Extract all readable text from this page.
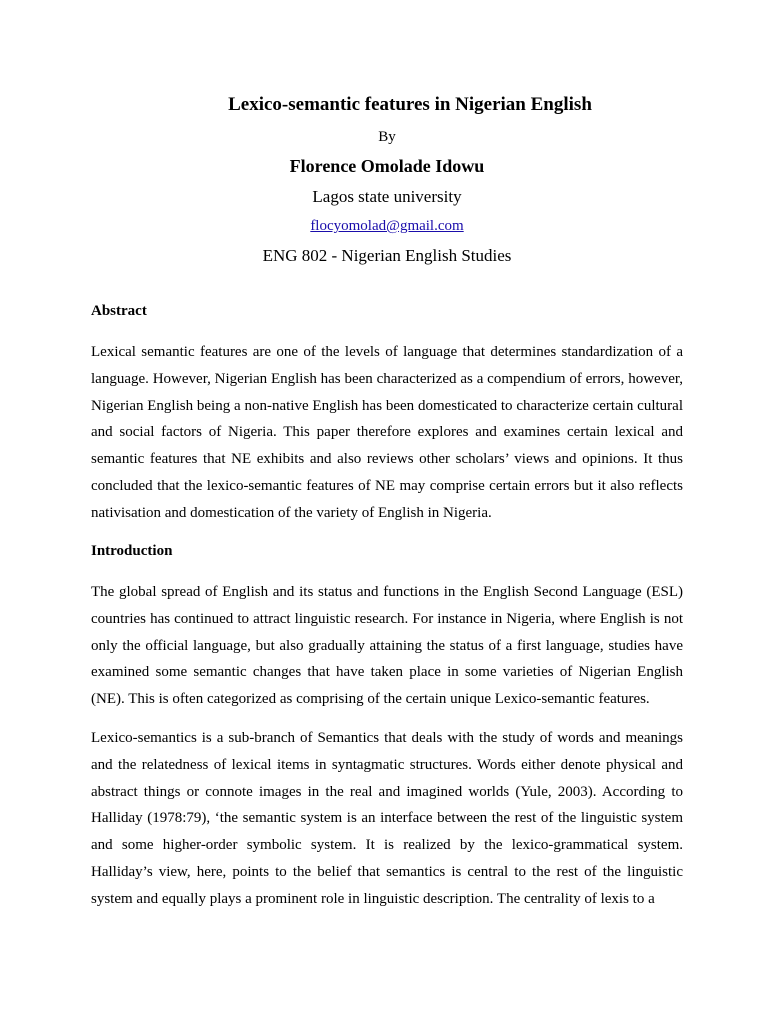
Lexico-semantic features in Nigerian English
By
Florence Omolade Idowu
Lagos state university
flocyomolad@gmail.com
ENG 802 - Nigerian English Studies
Abstract
Lexical semantic features are one of the levels of language that determines standardization of a language. However, Nigerian English has been characterized as a compendium of errors, however, Nigerian English being a non-native English has been domesticated to characterize certain cultural and social factors of Nigeria. This paper therefore explores and examines certain lexical and semantic features that NE exhibits and also reviews other scholars’ views and opinions. It thus concluded that the lexico-semantic features of NE may comprise certain errors but it also reflects nativisation and domestication of the variety of English in Nigeria.
Introduction
The global spread of English and its status and functions in the English Second Language (ESL) countries has continued to attract linguistic research. For instance in Nigeria, where English is not only the official language, but also gradually attaining the status of a first language, studies have examined some semantic changes that have taken place in some varieties of Nigerian English (NE). This is often categorized as comprising of the certain unique Lexico-semantic features.
Lexico-semantics is a sub-branch of Semantics that deals with the study of words and meanings and the relatedness of lexical items in syntagmatic structures. Words either denote physical and abstract things or connote images in the real and imagined worlds (Yule, 2003). According to Halliday (1978:79), ‘the semantic system is an interface between the rest of the linguistic system and some higher-order symbolic system. It is realized by the lexico-grammatical system. Halliday’s view, here, points to the belief that semantics is central to the rest of the linguistic system and equally plays a prominent role in linguistic description. The centrality of lexis to a
